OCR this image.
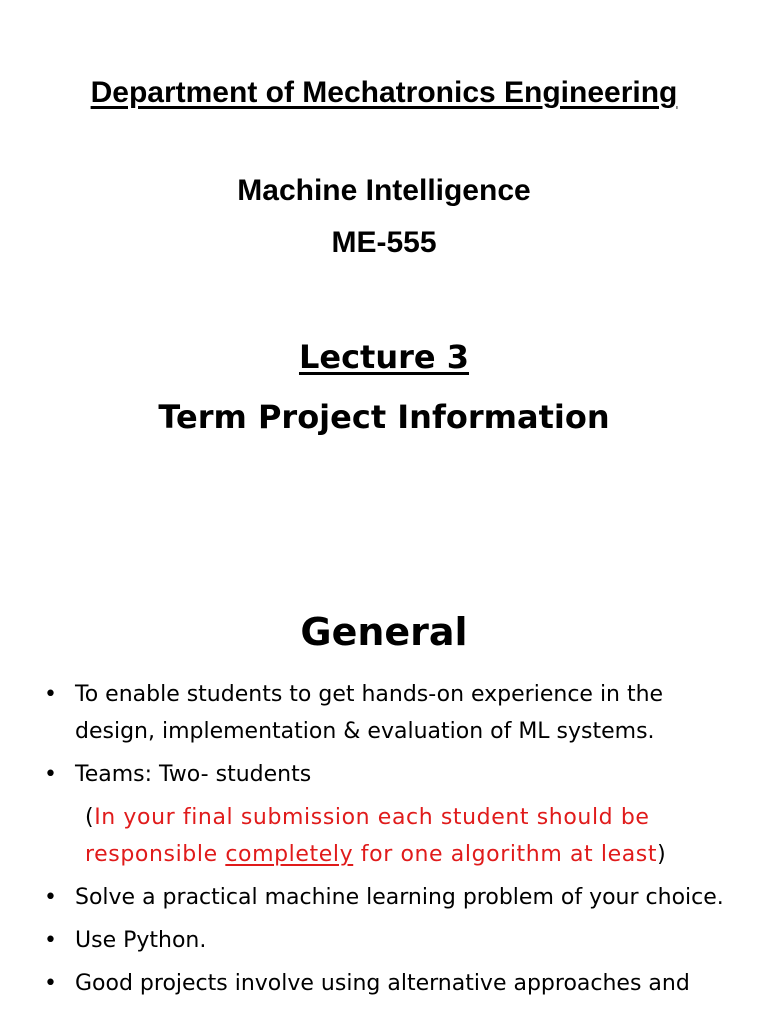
Department of Mechatronics Engineering
Machine Intelligence
ME-555
Lecture 3
Term Project Information
General
• To enable students to get hands-on experience in the design, implementation & evaluation of ML systems.
• Teams: Two- students
(In your final submission each student should be
responsible completely for one algorithm at least)
• Solve a practical machine learning problem of your choice.
• Use Python.
• Good projects involve using alternative approaches and
